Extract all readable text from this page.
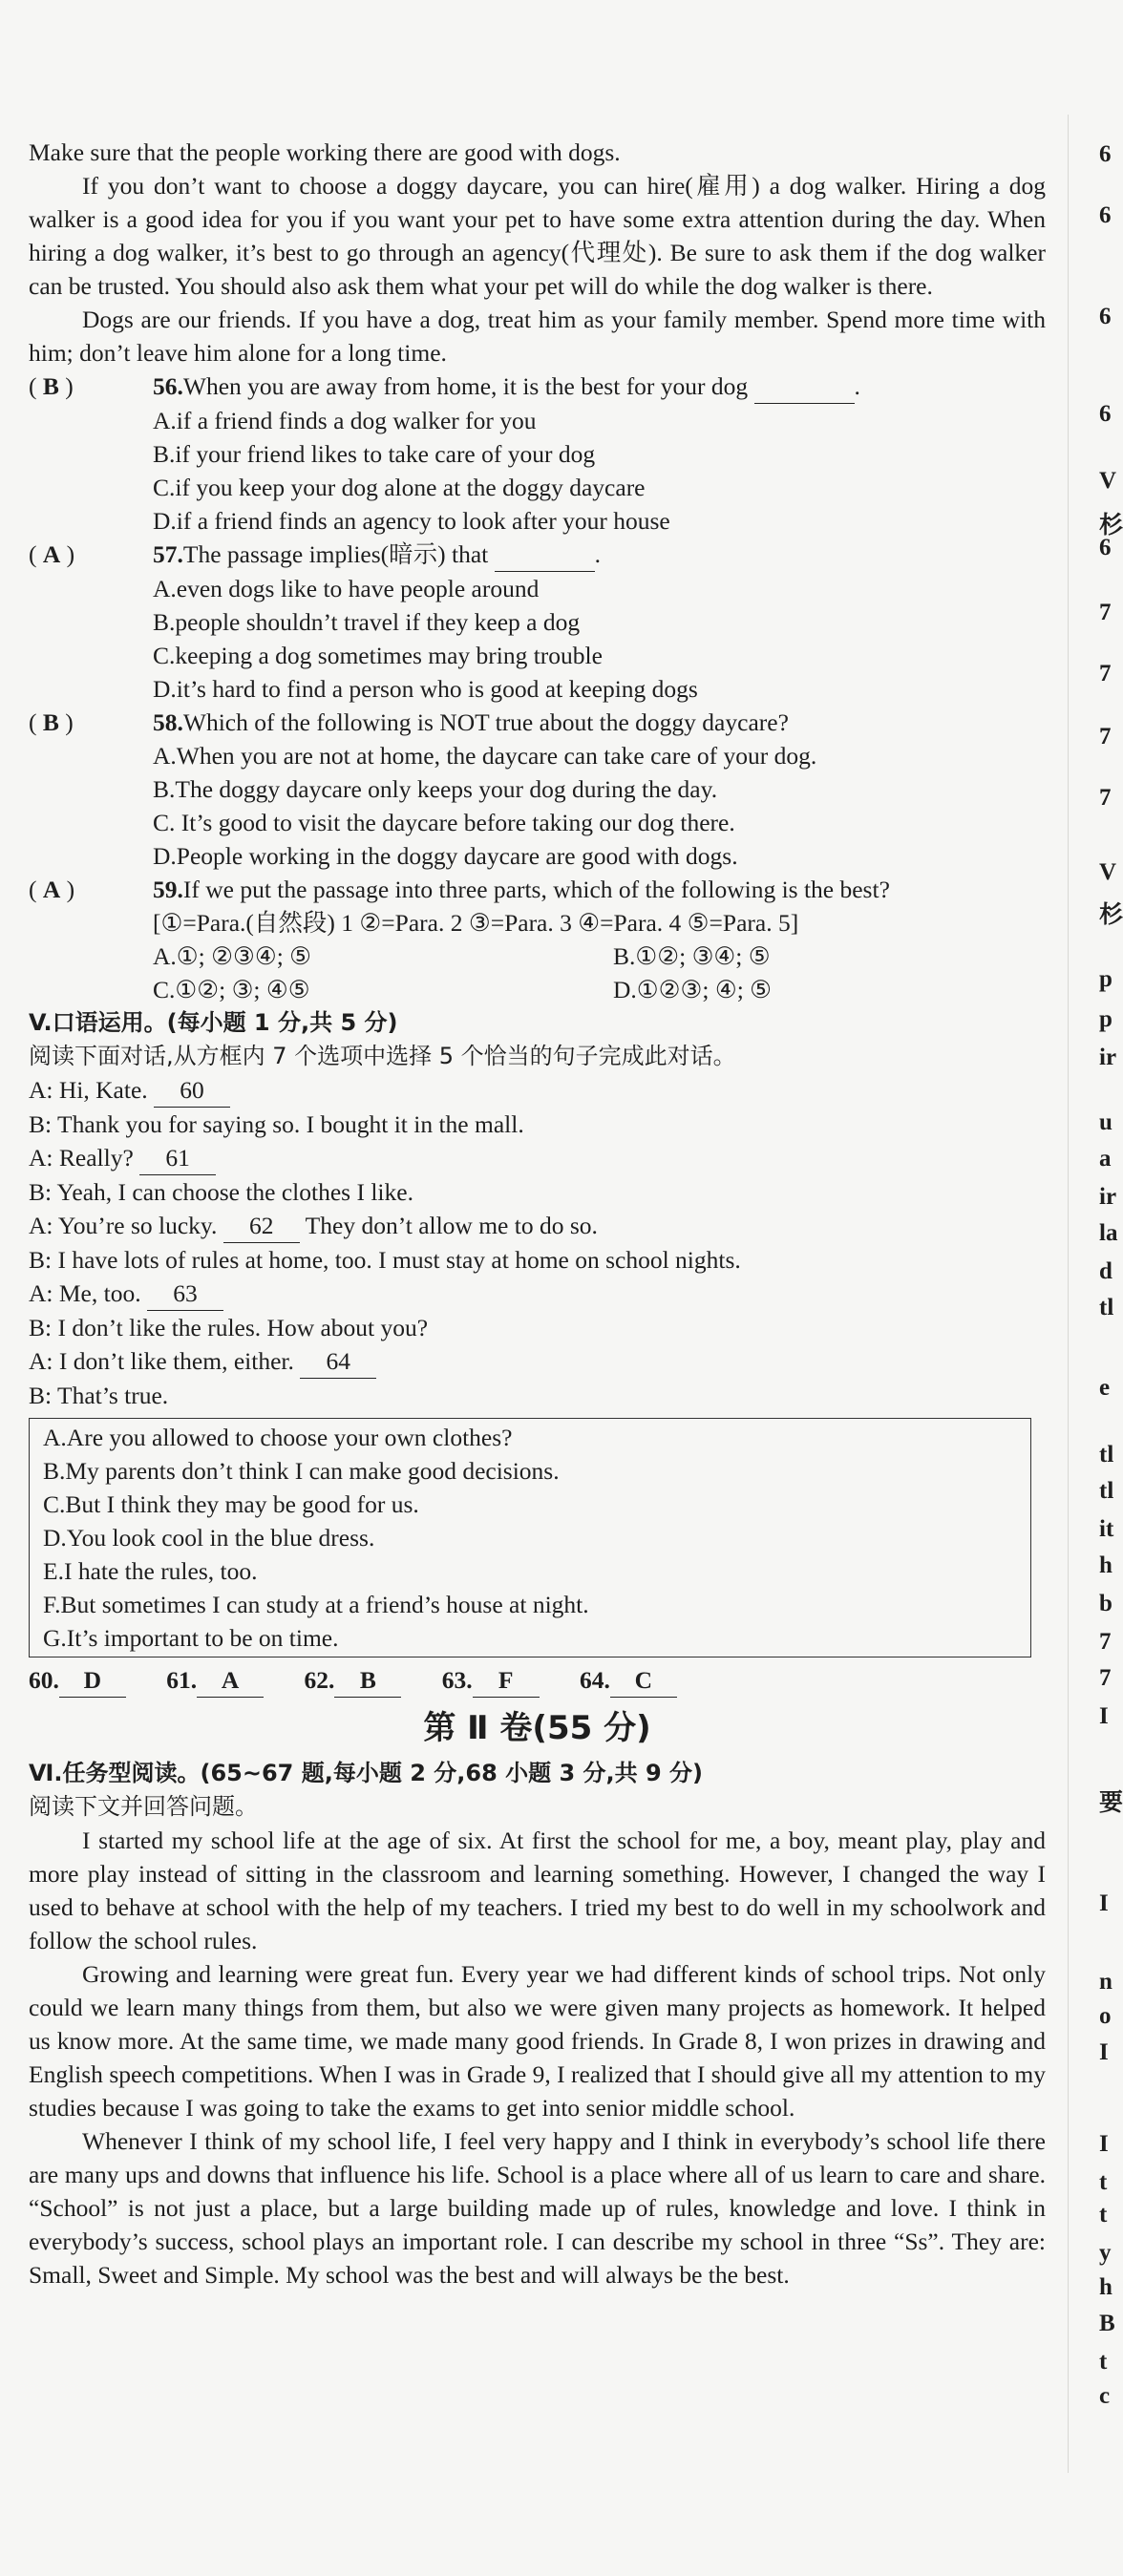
Make sure that the people working there are good with dogs.

If you don’t want to choose a doggy daycare, you can hire(雇用) a dog walker. Hiring a dog walker is a good idea for you if you want your pet to have some extra attention during the day. When hiring a dog walker, it’s best to go through an agency(代理处). Be sure to ask them if the dog walker can be trusted. You should also ask them what your pet will do while the dog walker is there.

Dogs are our friends. If you have a dog, treat him as your family member. Spend more time with him; don’t leave him alone for a long time.

( B )	56.When you are away from home, it is the best for your dog	.

A.if a friend finds a dog walker for you

B.if your friend likes to take care of your dog

C.if you keep your dog alone at the doggy daycare

D.if a friend finds an agency to look after your house

( A )	57.The passage implies(暗示) that	.

A.even dogs like to have people around

B.people shouldn’t travel if they keep a dog

C.keeping a dog sometimes may bring trouble

D.it’s hard to find a person who is good at keeping dogs

( B )	58.Which of the following is NOT true about the doggy daycare?

A.When you are not at home, the daycare can take care of your dog.

B.The doggy daycare only keeps your dog during the day.

C. It’s good to visit the daycare before taking our dog there.

D.People working in the doggy daycare are good with dogs.

( A )	59.If we put the passage into three parts, which of the following is the best?

[①=Para.(自然段) 1 ②=Para. 2 ③=Para. 3 ④=Para. 4 ⑤=Para. 5]

A.①; ②③④; ⑤	B.①②; ③④; ⑤
C.①②; ③; ④⑤	D.①②③; ④; ⑤

V.口语运用。(每小题 1 分,共 5 分)

阅读下面对话,从方框内 7 个选项中选择 5 个恰当的句子完成此对话。

A: Hi, Kate. 60

B: Thank you for saying so. I bought it in the mall.

A: Really? 61

B: Yeah, I can choose the clothes I like.

A: You’re so lucky. 62 They don’t allow me to do so.

B: I have lots of rules at home, too. I must stay at home on school nights.

A: Me, too. 63

B: I don’t like the rules. How about you?

A: I don’t like them, either. 64

B: That’s true.

A.Are you allowed to choose your own clothes?

B.My parents don’t think I can make good decisions.

C.But I think they may be good for us.

D.You look cool in the blue dress.

E.I hate the rules, too.

F.But sometimes I can study at a friend’s house at night.

G.It’s important to be on time.

60. D	61. A	62. B	63. F	64. C

第 Ⅱ 卷(55 分)

Ⅵ.任务型阅读。(65~67 题,每小题 2 分,68 小题 3 分,共 9 分)

阅读下文并回答问题。

I started my school life at the age of six. At first the school for me, a boy, meant play, play and more play instead of sitting in the classroom and learning something. However, I changed the way I used to behave at school with the help of my teachers. I tried my best to do well in my schoolwork and follow the school rules.

Growing and learning were great fun. Every year we had different kinds of school trips. Not only could we learn many things from them, but also we were given many projects as homework. It helped us know more. At the same time, we made many good friends. In Grade 8, I won prizes in drawing and English speech competitions. When I was in Grade 9, I realized that I should give all my attention to my studies because I was going to take the exams to get into senior middle school.

Whenever I think of my school life, I feel very happy and I think in everybody’s school life there are many ups and downs that influence his life. School is a place where all of us learn to care and share. “School” is not just a place, but a large building made up of rules, knowledge and love. I think in everybody’s success, school plays an important role. I can describe my school in three “Ss”. They are: Small, Sweet and Simple. My school was the best and will always be the best.

6
6
6
6
V
杉
6
7
7
7
7
V
杉
p
p
ir
u
a
ir
la
d
tl
e
tl
tl
it
h
b
7
7
I
要
I
n
o
I
I
t
t
y
h
B
t
c
